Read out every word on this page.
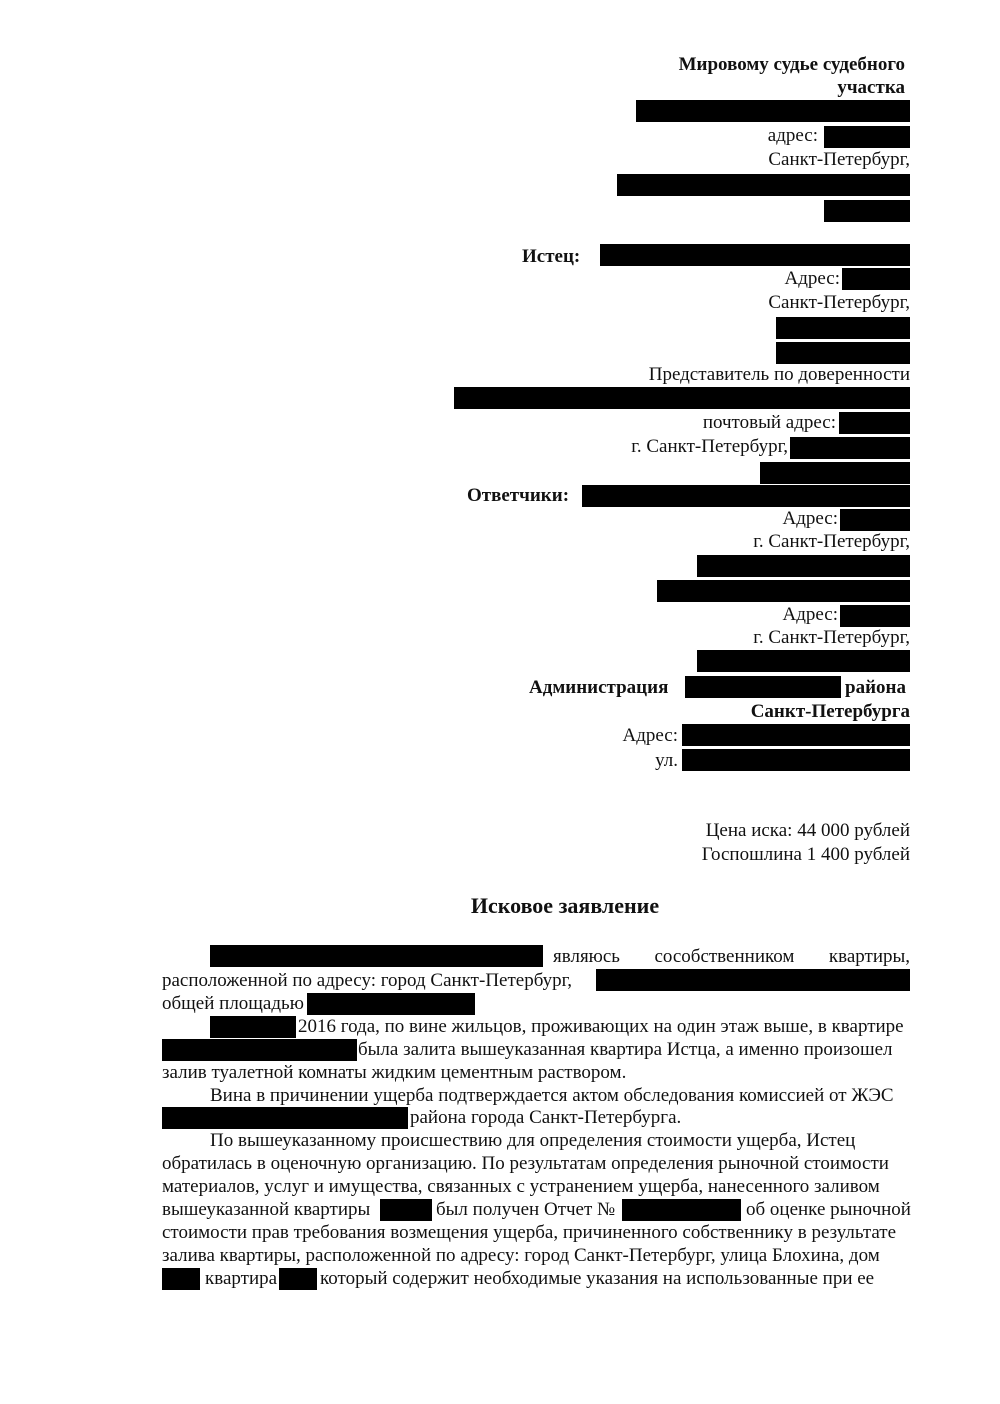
Мировому судье судебного
участка
адрес:
Санкт-Петербург,
Истец:
Адрес:
Санкт-Петербург,
Представитель по доверенности
почтовый адрес:
г. Санкт-Петербург,
Ответчики:
Адрес:
г. Санкт-Петербург,
Адрес:
г. Санкт-Петербург,
Администрация	района
Санкт-Петербурга
Адрес:
ул.
Цена иска: 44 000 рублей
Госпошлина 1 400 рублей
Исковое заявление
являюсь сособственником квартиры,
расположенной по адресу: город Санкт-Петербург,
общей площадью
2016 года, по вине жильцов, проживающих на один этаж выше, в квартире
была залита вышеуказанная квартира Истца, а именно произошел
залив туалетной комнаты жидким цементным раствором.
Вина в причинении ущерба подтверждается актом обследования комиссией от ЖЭС
района города Санкт-Петербурга.
По вышеуказанному происшествию для определения стоимости ущерба, Истец
обратилась в оценочную организацию. По результатам определения рыночной стоимости
материалов, услуг и имущества, связанных с устранением ущерба, нанесенного заливом
вышеуказанной квартиры	был получен Отчет №	об оценке рыночной
стоимости прав требования возмещения ущерба, причиненного собственнику в результате
залива квартиры, расположенной по адресу: город Санкт-Петербург, улица Блохина, дом
квартира который содержит необходимые указания на использованные при ее
